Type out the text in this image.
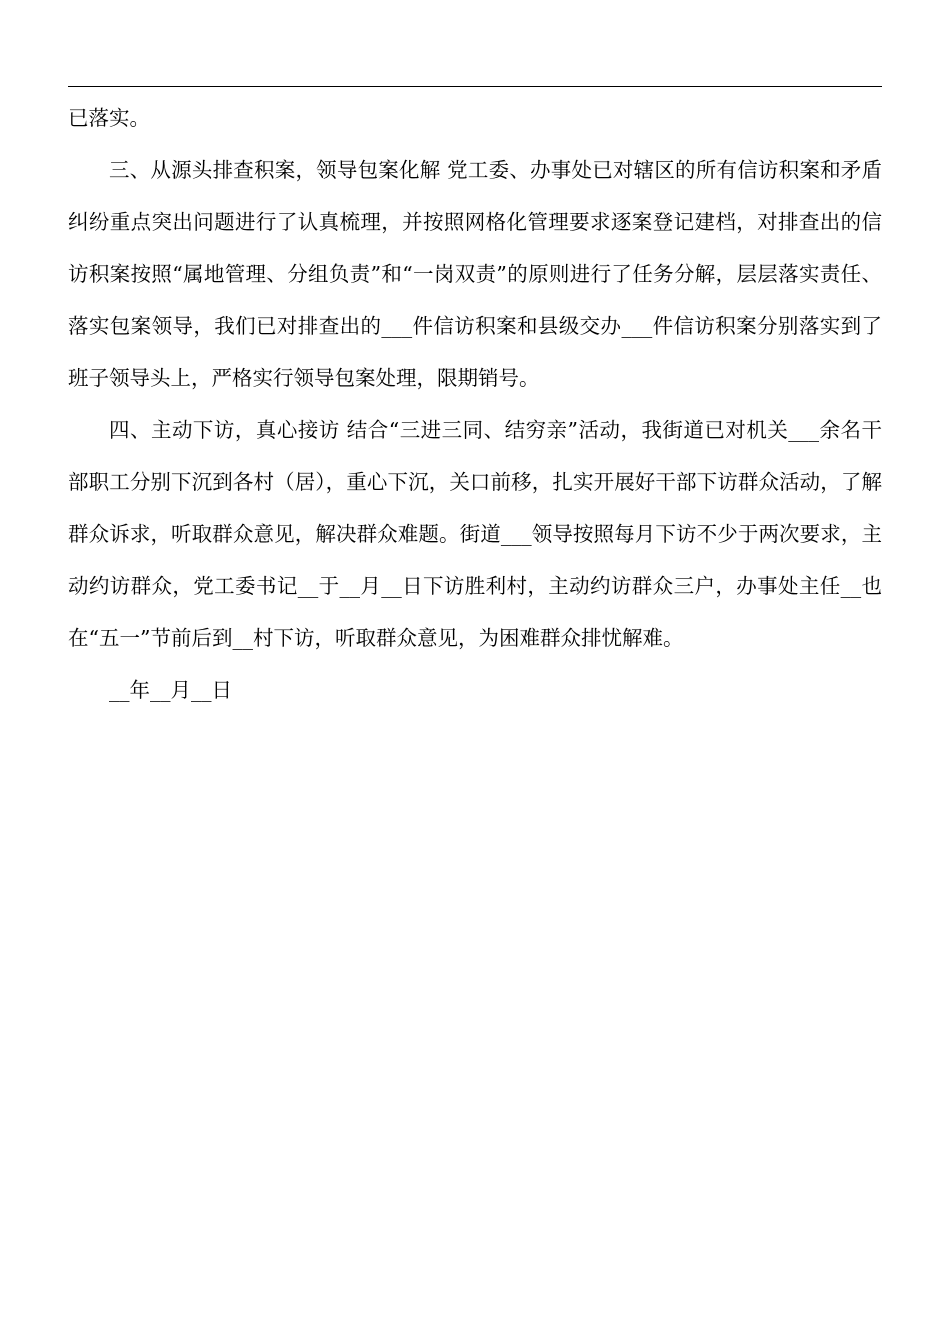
已落实。

三、从源头排查积案，领导包案化解 党工委、办事处已对辖区的所有信访积案和矛盾纠纷重点突出问题进行了认真梳理，并按照网格化管理要求逐案登记建档，对排查出的信访积案按照“属地管理、分组负责”和“一岗双责”的原则进行了任务分解，层层落实责任、落实包案领导，我们已对排查出的___件信访积案和县级交办___件信访积案分别落实到了班子领导头上，严格实行领导包案处理，限期销号。

四、主动下访，真心接访 结合“三进三同、结穷亲”活动，我街道已对机关___余名干部职工分别下沉到各村（居），重心下沉，关口前移，扎实开展好干部下访群众活动，了解群众诉求，听取群众意见，解决群众难题。街道___领导按照每月下访不少于两次要求，主动约访群众，党工委书记__于__月__日下访胜利村，主动约访群众三户，办事处主任__也在“五一”节前后到__村下访，听取群众意见，为困难群众排忧解难。

__年__月__日
